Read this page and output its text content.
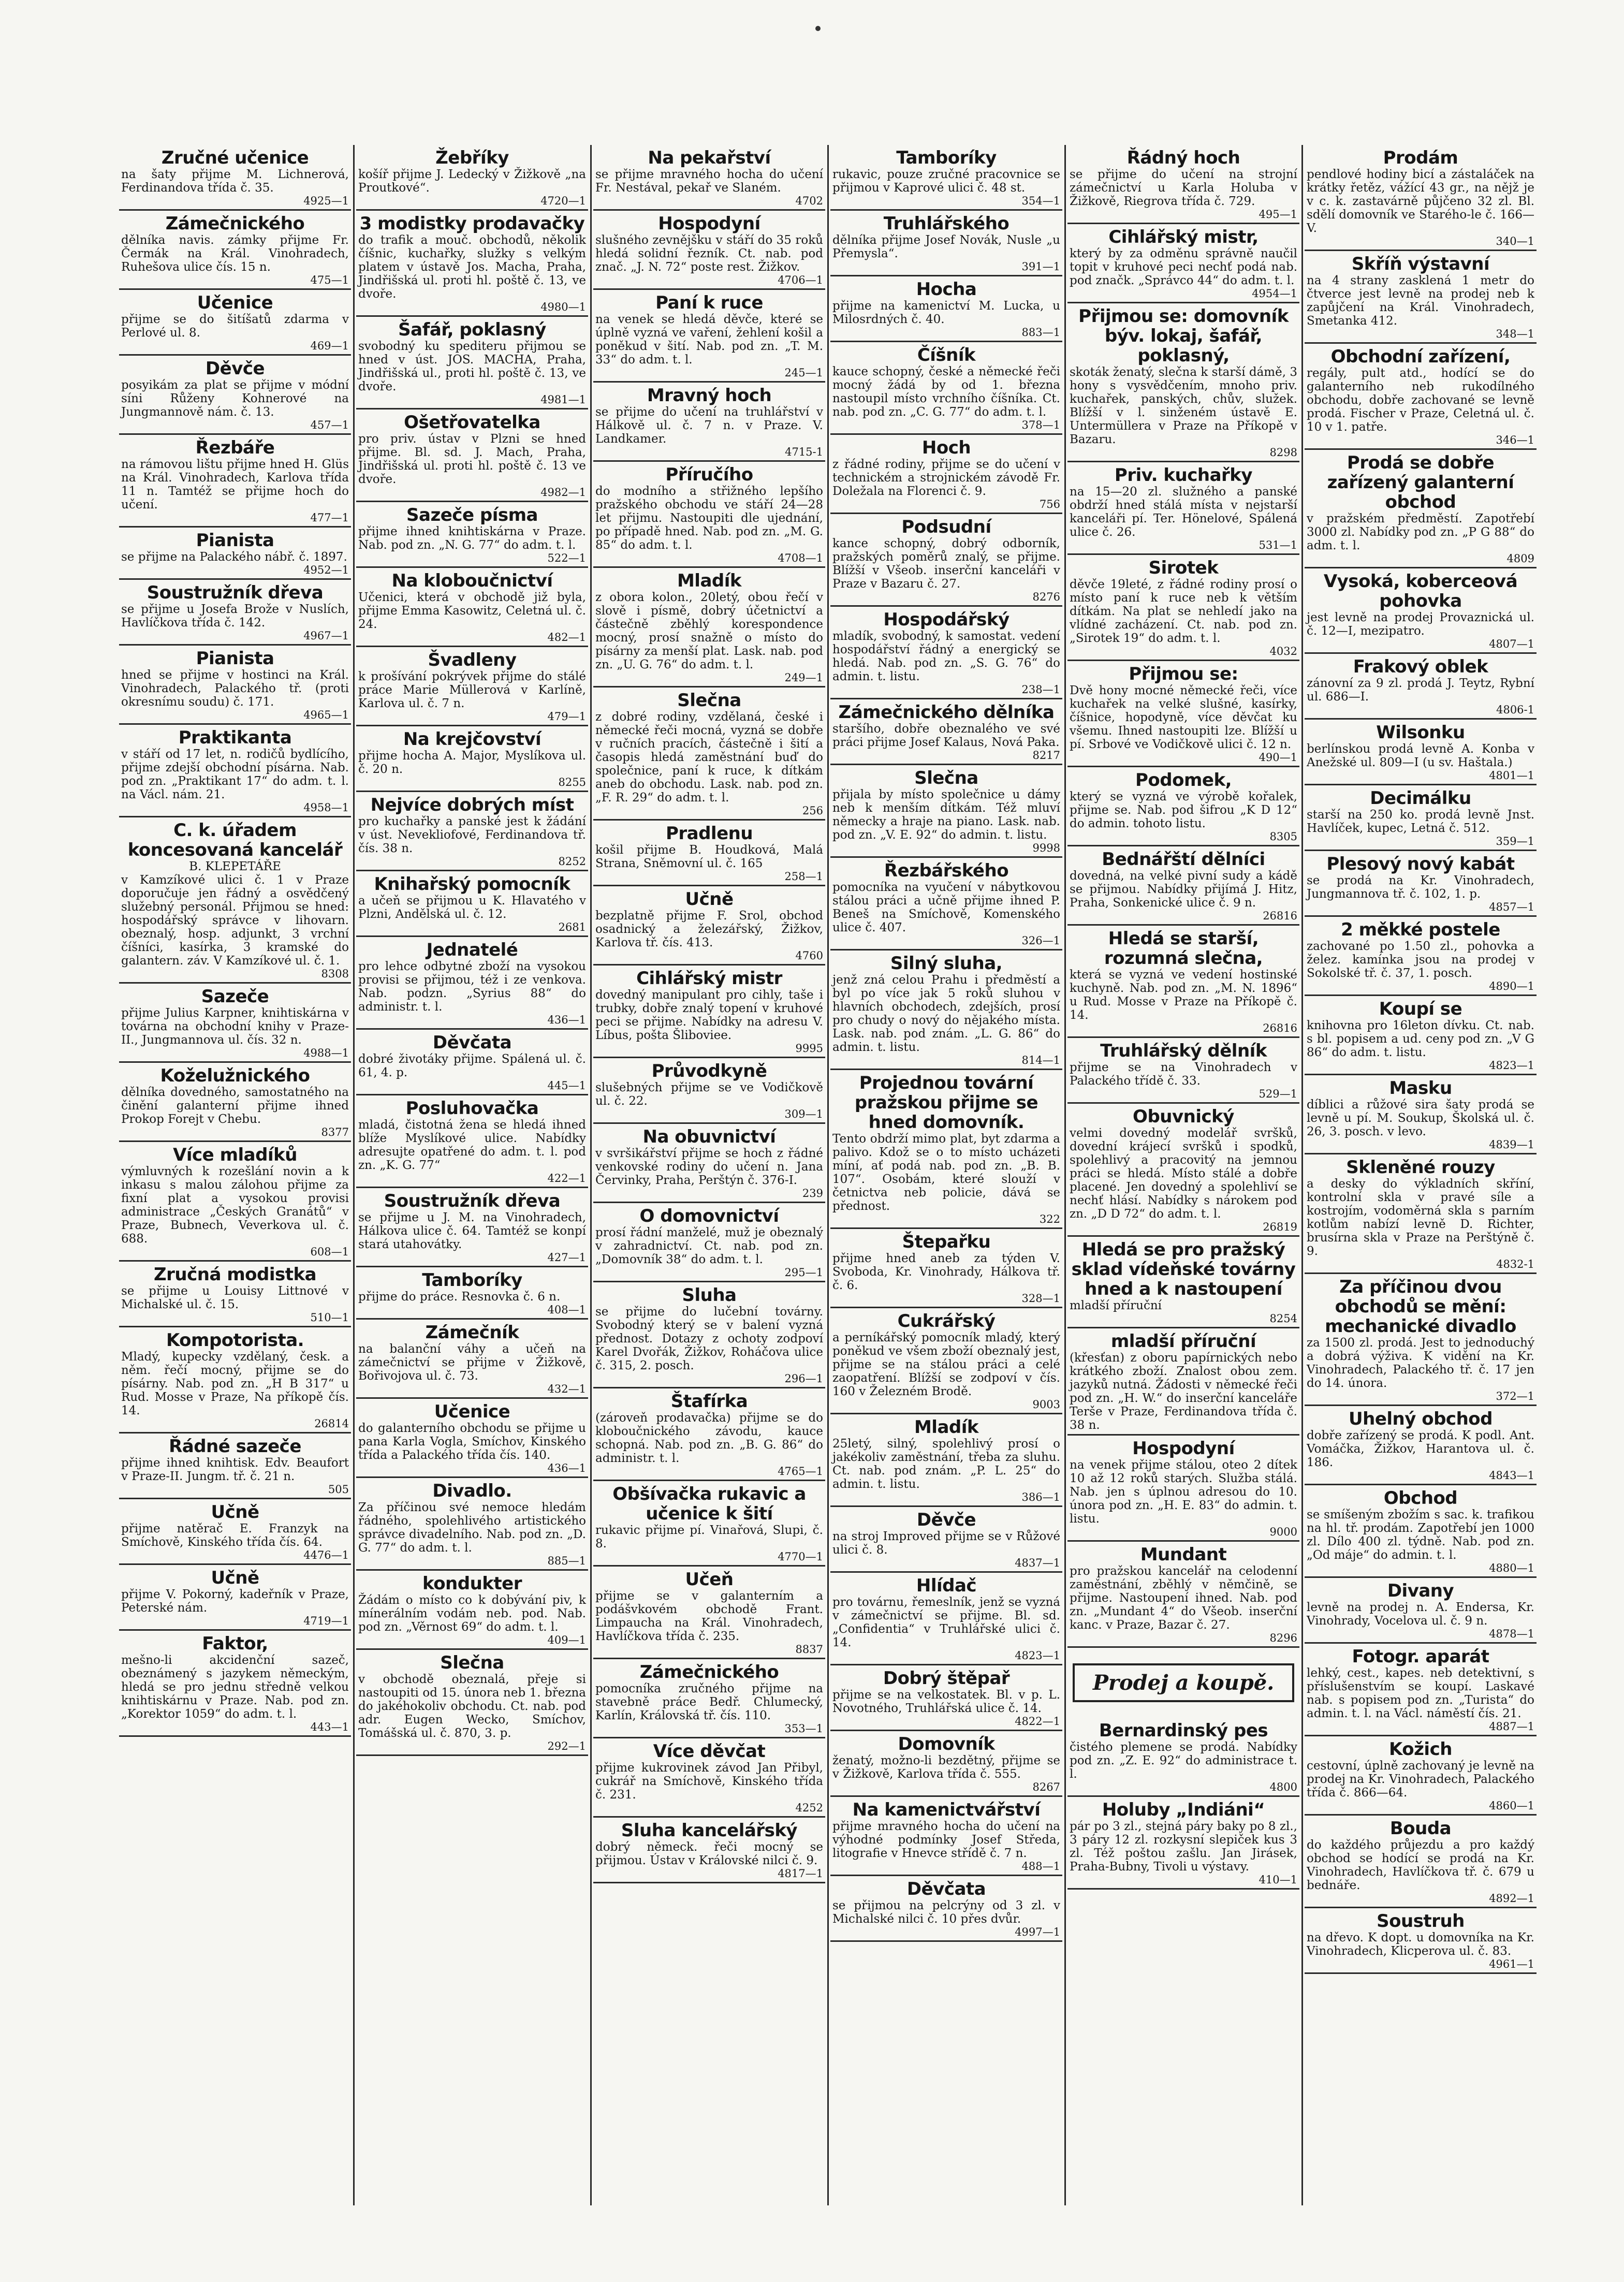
Zručné učenice
na šaty přijme M. Lichnerová, Ferdinandova třída č. 35.
4925—1
Zámečnického
dělníka navis. zámky přijme Fr. Čermák na Král. Vinohradech, Ruhešova ulice čís. 15 n.
475—1
Učenice
přijme se do šitíšatů zdarma v Perlové ul. 8.
469—1
Děvče
posyikám za plat se přijme v módní síni Růženy Kohnerové na Jungmannově nám. č. 13.
457—1
Řezbáře
na rámovou lištu přijme hned H. Glüs na Král. Vinohradech, Karlova třída 11 n. Tamtéž se přijme hoch do učení.
477—1
Pianista
se přijme na Palackého nábř. č. 1897.
4952—1
Soustružník dřeva
se přijme u Josefa Brože v Nuslích, Havlíčkova třída č. 142.
4967—1
Pianista
hned se přijme v hostinci na Král. Vinohradech, Palackého tř. (proti okresnímu soudu) č. 171.
4965—1
Praktikanta
v stáří od 17 let, n. rodičů bydlícího, přijme zdejší obchodní písárna. Nab. pod zn. „Praktikant 17“ do adm. t. l. na Václ. nám. 21.
4958—1
C. k. úřadem koncesovaná kancelář
B. KLEPETÁŘE
v Kamzíkové ulici č. 1 v Praze doporučuje jen řádný a osvědčený služebný personál. Přijmou se hned: hospodářský správce v lihovarn. obeznalý, hosp. adjunkt, 3 vrchní číšníci, kasírka, 3 kramské do galantern. záv. V Kamzíkové ul. č. 1.
8308
Sazeče
přijme Julius Karpner, knihtiskárna v továrna na obchodní knihy v Praze-II., Jungmannova ul. čís. 32 n.
4988—1
Koželužnického
dělníka dovedného, samostatného na činění galanterní přijme ihned Prokop Forejt v Chebu.
8377
Více mladíků
výmluvných k rozešlání novin a k inkasu s malou zálohou přijme za fixní plat a vysokou provisi administrace „Českých Granátů“ v Praze, Bubnech, Veverkova ul. č. 688.
608—1
Zručná modistka
se přijme u Louisy Littnové v Michalské ul. č. 15.
510—1
Kompotorista.
Mladý, kupecky vzdělaný, česk. a něm. řečí mocný, přijme se do písárny. Nab. pod zn. „H B 317“ u Rud. Mosse v Praze, Na příkopě čís. 14.
26814
Řádné sazeče
přijme ihned knihtisk. Edv. Beaufort v Praze-II. Jungm. tř. č. 21 n.
505
Učně
přijme natěrač E. Franzyk na Smíchově, Kinského třída čís. 64.
4476—1
Učně
přijme V. Pokorný, kadeřník v Praze, Peterské nám.
4719—1
Faktor,
mešno-li akcidenční sazeč, obeznámený s jazykem německým, hledá se pro jednu středně velkou knihtiskárnu v Praze. Nab. pod zn. „Korektor 1059“ do adm. t. l.
443—1
Žebříky
košíř přijme J. Ledecký v Žižkově „na Proutkové“.
4720—1
3 modistky prodavačky
do trafik a mouč. obchodů, několik číšnic, kuchařky, služky s velkým platem v ústavě Jos. Macha, Praha, Jindřišská ul. proti hl. poště č. 13, ve dvoře.
4980—1
Šafář, poklasný
svobodný ku spediteru přijmou se hned v úst. JOS. MACHA, Praha, Jindřišská ul., proti hl. poště č. 13, ve dvoře.
4981—1
Ošetřovatelka
pro priv. ústav v Plzni se hned přijme. Bl. sd. J. Mach, Praha, Jindřišská ul. proti hl. poště č. 13 ve dvoře.
4982—1
Sazeče písma
přijme ihned knihtiskárna v Praze. Nab. pod zn. „N. G. 77“ do adm. t. l.
522—1
Na kloboučnictví
Učenici, která v obchodě již byla, přijme Emma Kasowitz, Celetná ul. č. 24.
482—1
Švadleny
k prošívání pokrývek přijme do stálé práce Marie Müllerová v Karlíně, Karlova ul. č. 7 n.
479—1
Na krejčovství
přijme hocha A. Major, Myslíkova ul. č. 20 n.
8255
Nejvíce dobrých míst
pro kuchařky a panské jest k žádání v úst. Nevekliofové, Ferdinandova tř. čís. 38 n.
8252
Knihařský pomocník
a učeň se přijmou u K. Hlavatého v Plzni, Andělská ul. č. 12.
2681
Jednatelé
pro lehce odbytné zboží na vysokou provisi se přijmou, též i ze venkova. Nab. podzn. „Syrius 88“ do administr. t. l.
436—1
Děvčata
dobré životáky přijme. Spálená ul. č. 61, 4. p.
445—1
Posluhovačka
mladá, čistotná žena se hledá ihned blíže Myslíkové ulice. Nabídky adresujte opatřené do adm. t. l. pod zn. „K. G. 77“
422—1
Soustružník dřeva
se přijme u J. M. na Vinohradech, Hálkova ulice č. 64. Tamtéž se konpí stará utahovátky.
427—1
Tamboríky
přijme do práce. Resnovka č. 6 n.
408—1
Zámečník
na balanční váhy a učeň na zámečnictví se přijme v Žižkově, Bořivojova ul. č. 73.
432—1
Učenice
do galanterního obchodu se přijme u pana Karla Vogla, Smíchov, Kinského třída a Palackého třída čís. 140.
436—1
Divadlo.
Za příčinou své nemoce hledám řádného, spolehlivého artistického správce divadelního. Nab. pod zn. „D. G. 77“ do adm. t. l.
885—1
kondukter
Žádám o místo co k dobývání piv, k mínerálním vodám neb. pod. Nab. pod zn. „Věrnost 69“ do adm. t. l.
409—1
Slečna
v obchodě obeznalá, přeje si nastoupiti od 15. února neb 1. března do jakéhokoliv obchodu. Ct. nab. pod adr. Eugen Wecko, Smíchov, Tomášská ul. č. 870, 3. p.
292—1
Na pekařství
se přijme mravného hocha do učení Fr. Nestával, pekař ve Slaném.
4702
Hospodyní
slušného zevnějšku v stáří do 35 roků hledá solidní řezník. Ct. nab. pod znač. „J. N. 72“ poste rest. Žižkov.
4706—1
Paní k ruce
na venek se hledá děvče, které se úplně vyzná ve vaření, žehlení košil a poněkud v šití. Nab. pod zn. „T. M. 33“ do adm. t. l.
245—1
Mravný hoch
se přijme do učení na truhlářství v Hálkově ul. č. 7 n. v Praze. V. Landkamer.
4715-1
Příručího
do modního a střižného lepšího pražského obchodu ve stáří 24—28 let přijmu. Nastoupiti dle ujednání, po případě hned. Nab. pod zn. „M. G. 85“ do adm. t. l.
4708—1
Mladík
z obora kolon., 20letý, obou řečí v slově i písmě, dobrý účetnictví a částečně zběhlý korespondence mocný, prosí snažně o místo do písárny za menší plat. Lask. nab. pod zn. „U. G. 76“ do adm. t. l.
249—1
Slečna
z dobré rodiny, vzdělaná, české i německé řeči mocná, vyzná se dobře v ručních pracích, částečně i šití a časopis hledá zaměstnání buď do společnice, paní k ruce, k dítkám aneb do obchodu. Lask. nab. pod zn. „F. R. 29“ do adm. t. l.
256
Pradlenu
košil přijme B. Houdková, Malá Strana, Sněmovní ul. č. 165
258—1
Učně
bezplatně přijme F. Srol, obchod osadnický a železářský, Žižkov, Karlova tř. čís. 413.
4760
Cihlářský mistr
dovedný manipulant pro cihly, taše i trubky, dobře znalý topení v kruhové peci se přijme. Nabídky na adresu V. Líbus, pošta Šliboviee.
9995
Průvodkyně
slušebných přijme se ve Vodičkově ul. č. 22.
309—1
Na obuvnictví
v svršikářství přijme se hoch z řádné venkovské rodiny do učení n. Jana Červinky, Praha, Perštýn č. 376-I.
239
O domovnictví
prosí řádní manželé, muž je obeznalý v zahradnictví. Ct. nab. pod zn. „Domovník 38“ do adm. t. l.
295—1
Sluha
se přijme do lučební továrny. Svobodný který se v balení vyzná přednost. Dotazy z ochoty zodpoví Karel Dvořák, Žižkov, Roháčova ulice č. 315, 2. posch.
296—1
Štafírka
(zároveň prodavačka) přijme se do kloboučnického závodu, kauce schopná. Nab. pod zn. „B. G. 86“ do administr. t. l.
4765—1
Obšívačka rukavic a učenice k šití
rukavic přijme pí. Vinařová, Slupi, č. 8.
4770—1
Učeň
přijme se v galanterním a podášvkovém obchodě Frant. Limpaucha na Král. Vinohradech, Havlíčkova třída č. 235.
8837
Zámečnického
pomocníka zručného přijme na stavebně práce Bedř. Chlumecký, Karlín, Královská tř. čís. 110.
353—1
Více děvčat
přijme kukrovinek závod Jan Přibyl, cukrář na Smíchově, Kinského třída č. 231.
4252
Sluha kancelářský
dobrý německ. řeči mocný se přijmou. Ústav v Královské nilci č. 9.
4817—1
Tamboríky
rukavic, pouze zručné pracovnice se přijmou v Kaprové ulici č. 48 st.
354—1
Truhlářského
dělníka přijme Josef Novák, Nusle „u Přemysla“.
391—1
Hocha
přijme na kamenictví M. Lucka, u Milosrdných č. 40.
883—1
Číšník
kauce schopný, české a německé řeči mocný žádá by od 1. března nastoupil místo vrchního číšníka. Ct. nab. pod zn. „C. G. 77“ do adm. t. l.
378—1
Hoch
z řádné rodiny, přijme se do učení v technickém a strojnickém závodě Fr. Doležala na Florenci č. 9.
756
Podsudní
kance schopný, dobrý odborník, pražských poměrů znalý, se přijme. Blížší v Všeob. inserční kanceláři v Praze v Bazaru č. 27.
8276
Hospodářský
mladík, svobodný, k samostat. vedení hospodářství řádný a energický se hledá. Nab. pod zn. „S. G. 76“ do admin. t. listu.
238—1
Zámečnického dělníka
staršího, dobře obeznalého ve své práci přijme Josef Kalaus, Nová Paka.
8217
Slečna
přijala by místo společnice u dámy neb k menším dítkám. Též mluví německy a hraje na piano. Lask. nab. pod zn. „V. E. 92“ do admin. t. listu.
9998
Řezbářského
pomocníka na vyučení v nábytkovou stálou práci a učně přijme ihned P. Beneš na Smíchově, Komenského ulice č. 407.
326—1
Silný sluha,
jenž zná celou Prahu i předměstí a byl po více jak 5 roků sluhou v hlavních obchodech, zdejších, prosí pro chudy o nový do nějakého místa. Lask. nab. pod znám. „L. G. 86“ do admin. t. listu.
814—1
Projednou tovární pražskou přijme se hned domovník.
Tento obdrží mimo plat, byt zdarma a palivo. Kdož se o to místo ucházeti míní, ať podá nab. pod zn. „B. B. 107“. Osobám, které slouží v četnictva neb policie, dává se přednost.
322
Štepařku
přijme hned aneb za týden V. Svoboda, Kr. Vinohrady, Hálkova tř. č. 6.
328—1
Cukrářský
a perníkářský pomocník mladý, který poněkud ve všem zboží obeznalý jest, přijme se na stálou práci a celé zaopatření. Blížší se zodpoví v čís. 160 v Železném Brodě.
9003
Mladík
25letý, silný, spolehlivý prosí o jakékoliv zaměstnání, třeba za sluhu. Ct. nab. pod znám. „P. L. 25“ do admin. t. listu.
386—1
Děvče
na stroj Improved přijme se v Růžové ulici č. 8.
4837—1
Hlídač
pro továrnu, řemeslník, jenž se vyzná v zámečnictví se přijme. Bl. sd. „Confidentia“ v Truhlářské ulici č. 14.
4823—1
Dobrý štěpař
přijme se na velkostatek. Bl. v p. L. Novotného, Truhlářská ulice č. 14.
4822—1
Domovník
ženatý, možno-li bezdětný, přijme se v Žižkově, Karlova třída č. 555.
8267
Na kamenictvářství
přijme mravného hocha do učení na výhodné podmínky Josef Středa, litografie v Hnevce střídě č. 7 n.
488—1
Děvčata
se přijmou na pelcrýny od 3 zl. v Michalské nilci č. 10 přes dvůr.
4997—1
Řádný hoch
se přijme do učení na strojní zámečnictví u Karla Holuba v Žižkově, Riegrova třída č. 729.
495—1
Cihlářský mistr,
který by za odměnu správně naučil topit v kruhové peci nechť podá nab. pod značk. „Správco 44“ do adm. t. l.
4954—1
Přijmou se: domovník býv. lokaj, šafář, poklasný,
skoták ženatý, slečna k starší dámě, 3 hony s vysvědčením, mnoho priv. kuchařek, panských, chův, služek. Blížší v l. sinženém ústavě E. Untermüllera v Praze na Příkopě v Bazaru.
8298
Priv. kuchařky
na 15—20 zl. služného a panské obdrží hned stálá místa v nejstarší kanceláři pí. Ter. Hönelové, Spálená ulice č. 26.
531—1
Sirotek
děvče 19leté, z řádné rodiny prosí o místo paní k ruce neb k větším dítkám. Na plat se nehledí jako na vlídné zacházení. Ct. nab. pod zn. „Sirotek 19“ do adm. t. l.
4032
Přijmou se:
Dvě hony mocné německé řeči, více kuchařek na velké slušné, kasírky, číšnice, hopodyně, více děvčat ku všemu. Ihned nastoupiti lze. Blížší u pí. Srbové ve Vodičkově ulici č. 12 n.
490—1
Podomek,
který se vyzná ve výrobě kořalek, přijme se. Nab. pod šifrou „K D 12“ do admin. tohoto listu.
8305
Bednářští dělníci
dovedná, na velké pivní sudy a kádě se přijmou. Nabídky přijímá J. Hitz, Praha, Sonkenické ulice č. 9 n.
26816
Hledá se starší, rozumná slečna,
která se vyzná ve vedení hostinské kuchyně. Nab. pod zn. „M. N. 1896“ u Rud. Mosse v Praze na Příkopě č. 14.
26816
Truhlářský dělník
přijme se na Vinohradech v Palackého třídě č. 33.
529—1
Obuvnický
velmi dovedný modelář svršků, dovední krájecí svršků i spodků, spolehlivý a pracovitý na jemnou práci se hledá. Místo stálé a dobře placené. Jen dovedný a spolehliví se nechť hlásí. Nabídky s nárokem pod zn. „D D 72“ do adm. t. l.
26819
Hledá se pro pražský sklad vídeňské továrny hned a k nastoupení
mladší příruční
8254
mladší příruční
(křesťan) z oboru papírnických nebo krátkého zboží. Znalost obou zem. jazyků nutná. Žádosti v německé řeči pod zn. „H. W.“ do inserční kanceláře Terše v Praze, Ferdinandova třída č. 38 n.
Hospodyní
na venek přijme stálou, oteo 2 dítek 10 až 12 roků starých. Služba stálá. Nab. jen s úplnou adresou do 10. února pod zn. „H. E. 83“ do admin. t. listu.
9000
Mundant
pro pražskou kancelář na celodenní zaměstnání, zběhlý v němčině, se přijme. Nastoupení ihned. Nab. pod zn. „Mundant 4“ do Všeob. inserční kanc. v Praze, Bazar č. 27.
8296
Prodej a koupě.
Bernardinský pes
čistého plemene se prodá. Nabídky pod zn. „Z. E. 92“ do administrace t. l.
4800
Holuby „Indiáni“
pár po 3 zl., stejná páry baky po 8 zl., 3 páry 12 zl. rozkysní slepiček kus 3 zl. Též poštou zašlu. Jan Jirásek, Praha-Bubny, Tivoli u výstavy.
410—1
Prodám
pendlové hodiny bicí a zástaláček na krátky řetěz, vážící 43 gr., na nějž je v c. k. zastavárně půjčeno 32 zl. Bl. sdělí domovník ve Starého-le č. 166—V.
340—1
Skříň výstavní
na 4 strany zasklená 1 metr do čtverce jest levně na prodej neb k zapůjčení na Král. Vinohradech, Smetanka 412.
348—1
Obchodní zařízení,
regály, pult atd., hodící se do galanterního neb rukodílného obchodu, dobře zachované se levně prodá. Fischer v Praze, Celetná ul. č. 10 v 1. patře.
346—1
Prodá se dobře zařízený galanterní obchod
v pražském předměstí. Zapotřebí 3000 zl. Nabídky pod zn. „P G 88“ do adm. t. l.
4809
Vysoká, koberceová pohovka
jest levně na prodej Provaznická ul. č. 12—I, mezipatro.
4807—1
Frakový oblek
zánovní za 9 zl. prodá J. Teytz, Rybní ul. 686—I.
4806-1
Wilsonku
berlínskou prodá levně A. Konba v Anežské ul. 809—I (u sv. Haštala.)
4801—1
Decimálku
starší na 250 ko. prodá levně Jnst. Havlíček, kupec, Letná č. 512.
359—1
Plesový nový kabát
se prodá na Kr. Vinohradech, Jungmannova tř. č. 102, 1. p.
4857—1
2 měkké postele
zachované po 1.50 zl., pohovka a želez. kamínka jsou na prodej v Sokolské tř. č. 37, 1. posch.
4890—1
Koupí se
knihovna pro 16leton dívku. Ct. nab. s bl. popisem a ud. ceny pod zn. „V G 86“ do adm. t. listu.
4823—1
Masku
díblici a růžové sira šaty prodá se levně u pí. M. Soukup, Školská ul. č. 26, 3. posch. v levo.
4839—1
Skleněné rouzy
a desky do výkladních skříní, kontrolní skla v pravé síle a kostrojím, vodoměrná skla s parním kotlům nabízí levně D. Richter, brusírna skla v Praze na Perštýně č. 9.
4832-1
Za příčinou dvou obchodů se mění: mechanické divadlo
za 1500 zl. prodá. Jest to jednoduchý a dobrá výživa. K vidění na Kr. Vinohradech, Palackého tř. č. 17 jen do 14. února.
372—1
Uhelný obchod
dobře zařízený se prodá. K podl. Ant. Vomáčka, Žižkov, Harantova ul. č. 186.
4843—1
Obchod
se smíšeným zbožím s sac. k. trafikou na hl. tř. prodám. Zapotřebí jen 1000 zl. Dílo 400 zl. týdně. Nab. pod zn. „Od máje“ do admin. t. l.
4880—1
Divany
levně na prodej n. A. Endersa, Kr. Vinohrady, Vocelova ul. č. 9 n.
4878—1
Fotogr. aparát
lehký, cest., kapes. neb detektivní, s příslušenstvím se koupí. Laskavé nab. s popisem pod zn. „Turista“ do admin. t. l. na Václ. náměstí čís. 21.
4887—1
Kožich
cestovní, úplně zachovaný je levně na prodej na Kr. Vinohradech, Palackého třída č. 866—64.
4860—1
Bouda
do každého průjezdu a pro každý obchod se hodící se prodá na Kr. Vinohradech, Havlíčkova tř. č. 679 u bednáře.
4892—1
Soustruh
na dřevo. K dopt. u domovníka na Kr. Vinohradech, Klicperova ul. č. 83.
4961—1
